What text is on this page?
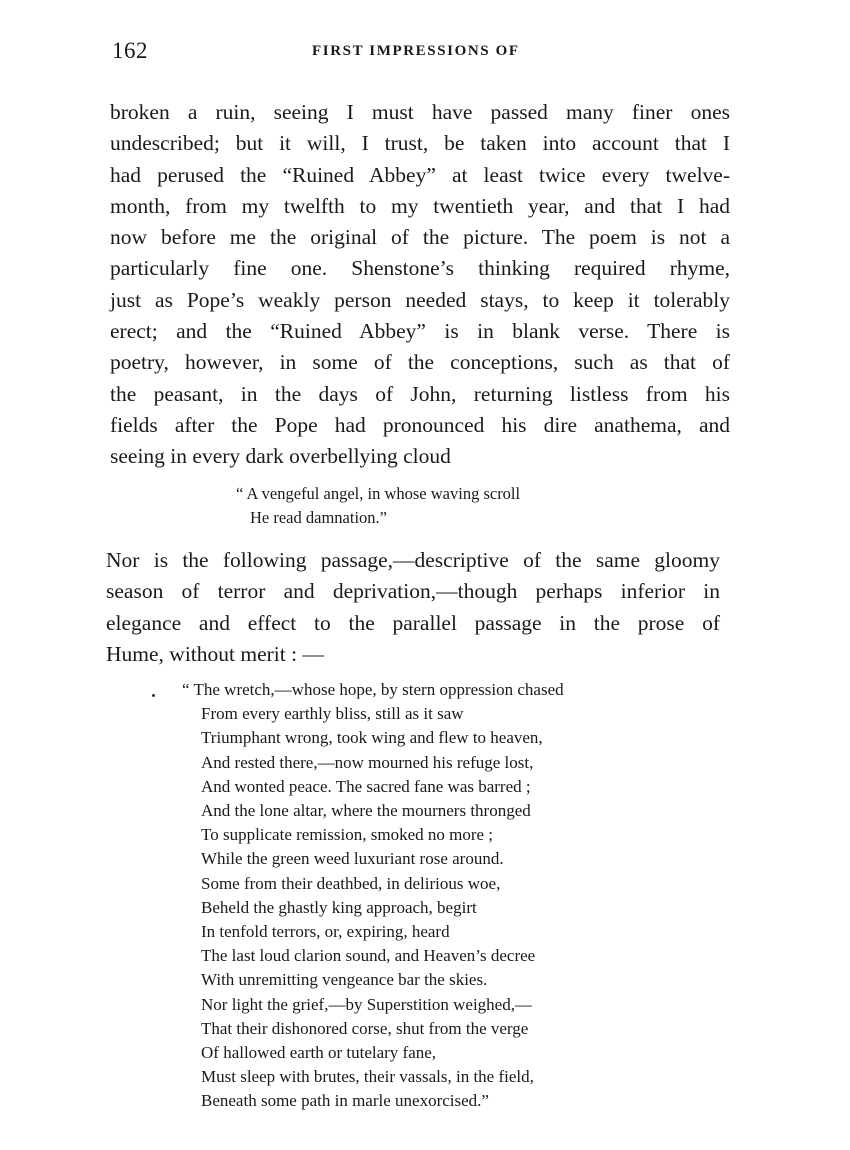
162	FIRST IMPRESSIONS OF
broken a ruin, seeing I must have passed many finer ones
undescribed; but it will, I trust, be taken into account that I
had perused the “Ruined Abbey” at least twice every twelve-
month, from my twelfth to my twentieth year, and that I had
now before me the original of the picture. The poem is not a
particularly fine one. Shenstone’s thinking required rhyme,
just as Pope’s weakly person needed stays, to keep it tolerably
erect; and the “Ruined Abbey” is in blank verse. There is
poetry, however, in some of the conceptions, such as that of
the peasant, in the days of John, returning listless from his
fields after the Pope had pronounced his dire anathema, and
seeing in every dark overbellying cloud
“ A vengeful angel, in whose waving scroll
He read damnation.”
Nor is the following passage,—descriptive of the same gloomy
season of terror and deprivation,—though perhaps inferior in
elegance and effect to the parallel passage in the prose of
Hume, without merit : —
“ The wretch,—whose hope, by stern oppression chased
From every earthly bliss, still as it saw
Triumphant wrong, took wing and flew to heaven,
And rested there,—now mourned his refuge lost,
And wonted peace. The sacred fane was barred ;
And the lone altar, where the mourners thronged
To supplicate remission, smoked no more ;
While the green weed luxuriant rose around.
Some from their deathbed, in delirious woe,
Beheld the ghastly king approach, begirt
In tenfold terrors, or, expiring, heard
The last loud clarion sound, and Heaven’s decree
With unremitting vengeance bar the skies.
Nor light the grief,—by Superstition weighed,—
That their dishonored corse, shut from the verge
Of hallowed earth or tutelary fane,
Must sleep with brutes, their vassals, in the field,
Beneath some path in marle unexorcised.”
